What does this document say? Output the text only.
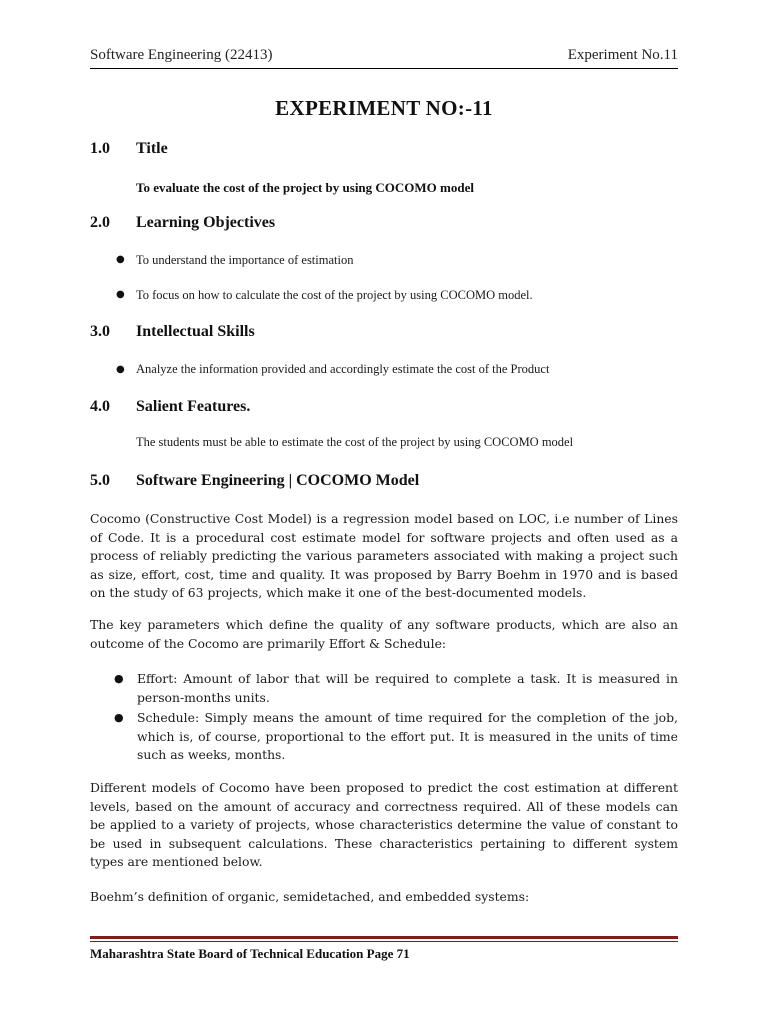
Software Engineering (22413)	Experiment No.11
EXPERIMENT NO:-11
1.0 Title
To evaluate the cost of the project by using COCOMO model
2.0 Learning Objectives
● To understand the importance of estimation
● To focus on how to calculate the cost of the project by using COCOMO model.
3.0 Intellectual Skills
● Analyze the information provided and accordingly estimate the cost of the Product
4.0 Salient Features.
The students must be able to estimate the cost of the project by using COCOMO model
5.0 Software Engineering | COCOMO Model

Cocomo (Constructive Cost Model) is a regression model based on LOC, i.e number of Lines of Code. It is a procedural cost estimate model for software projects and often used as a process of reliably predicting the various parameters associated with making a project such as size, effort, cost, time and quality. It was proposed by Barry Boehm in 1970 and is based on the study of 63 projects, which make it one of the best-documented models.

The key parameters which define the quality of any software products, which are also an outcome of the Cocomo are primarily Effort & Schedule:

● Effort: Amount of labor that will be required to complete a task. It is measured in person-months units.

● Schedule: Simply means the amount of time required for the completion of the job, which is, of course, proportional to the effort put. It is measured in the units of time such as weeks, months.

Different models of Cocomo have been proposed to predict the cost estimation at different levels, based on the amount of accuracy and correctness required. All of these models can be applied to a variety of projects, whose characteristics determine the value of constant to be used in subsequent calculations. These characteristics pertaining to different system types are mentioned below.

Boehm’s definition of organic, semidetached, and embedded systems:
Maharashtra State Board of Technical Education Page 71
